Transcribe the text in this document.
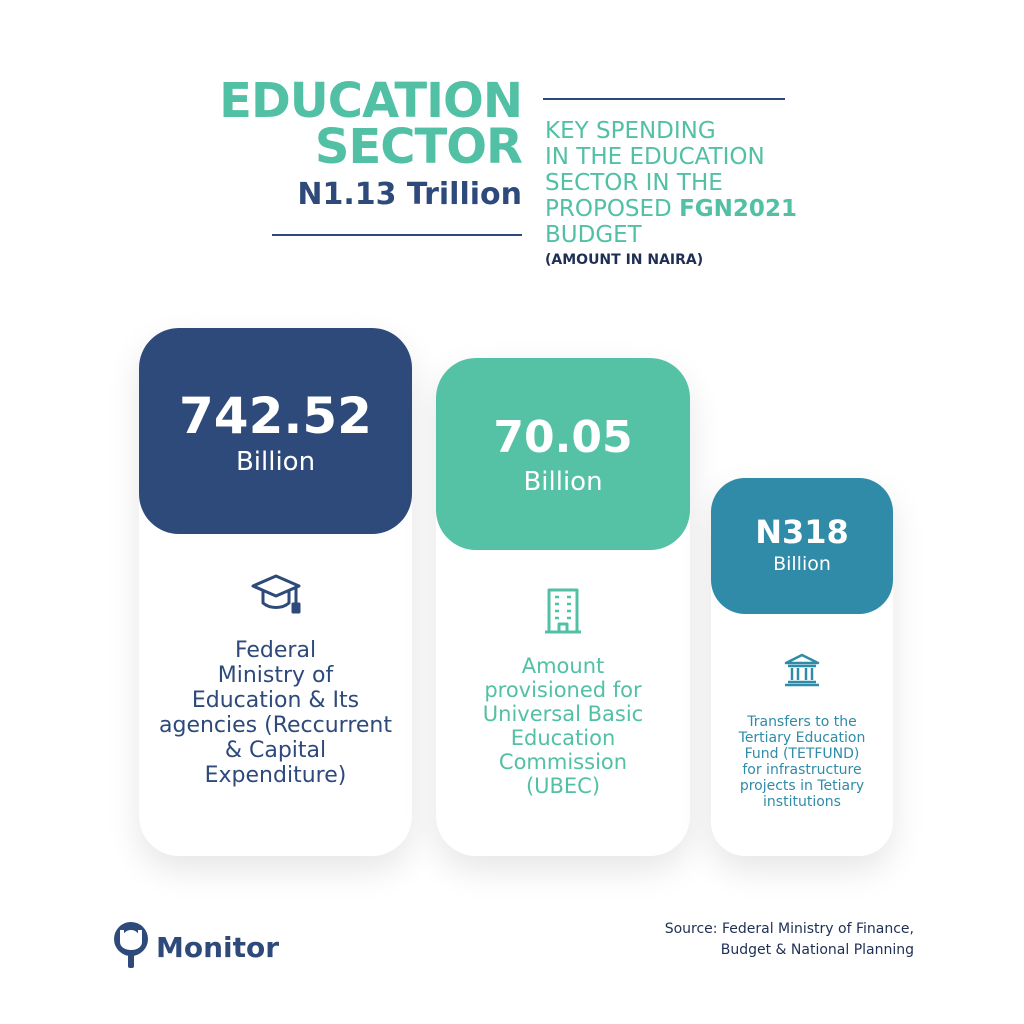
EDUCATION
SECTOR
N1.13 Trillion
KEY SPENDING
IN THE EDUCATION
SECTOR IN THE
PROPOSED FGN2021
BUDGET
(AMOUNT IN NAIRA)
742.52
Billion
Federal
Ministry of
Education & Its
agencies (Reccurrent
& Capital
Expenditure)
70.05
Billion
Amount
provisioned for
Universal Basic
Education
Commission
(UBEC)
N318
Billion
Transfers to the
Tertiary Education
Fund (TETFUND)
for infrastructure
projects in Tetiary
institutions
Monitor
Source: Federal Ministry of Finance,
Budget & National Planning
